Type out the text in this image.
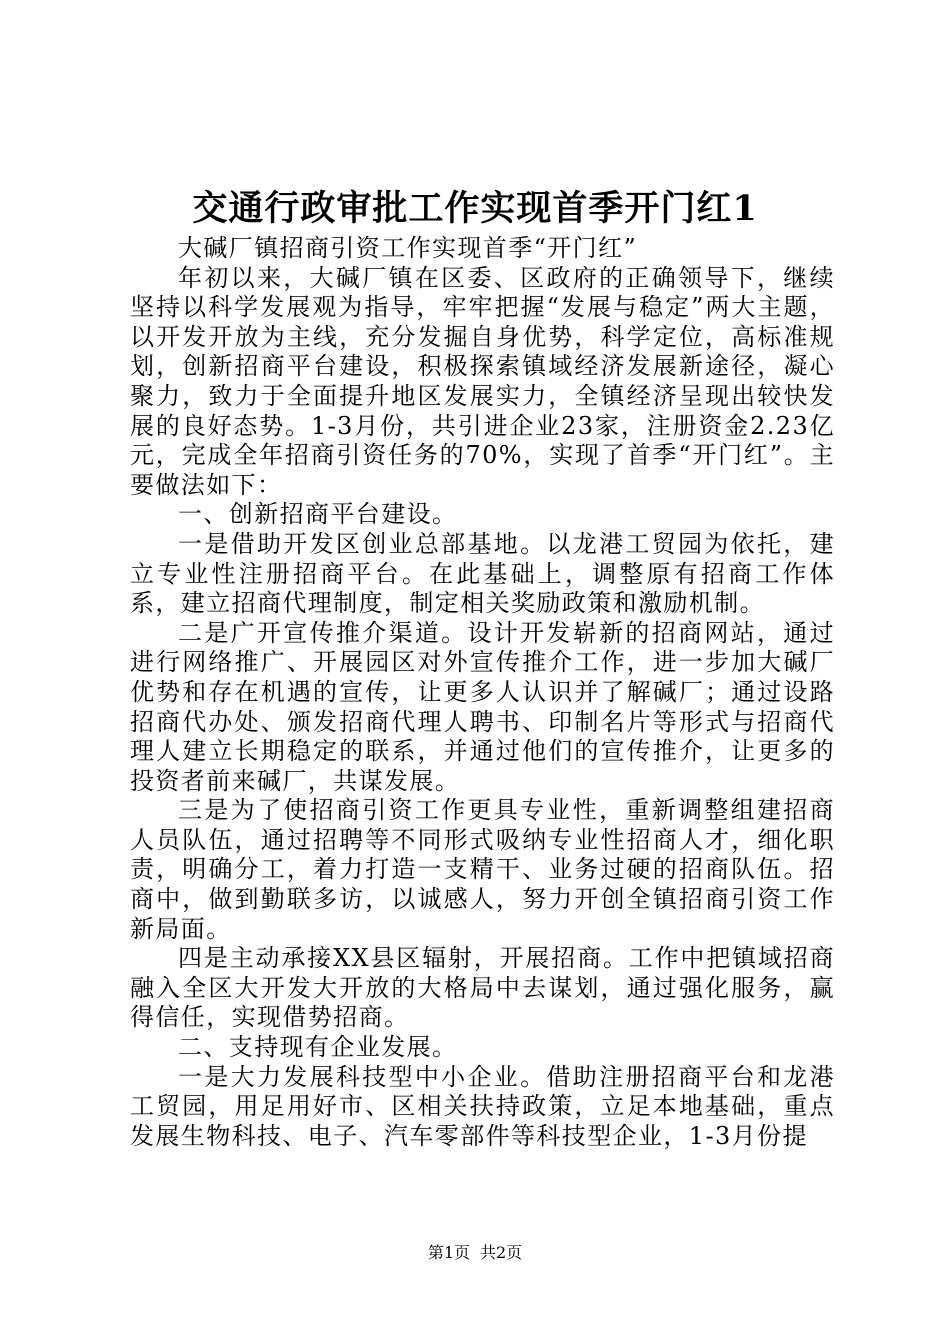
交通行政审批工作实现首季开门红1

大碱厂镇招商引资工作实现首季“开门红”

年初以来，大碱厂镇在区委、区政府的正确领导下，继续坚持以科学发展观为指导，牢牢把握“发展与稳定”两大主题，以开发开放为主线，充分发掘自身优势，科学定位，高标准规划，创新招商平台建设，积极探索镇域经济发展新途径，凝心聚力，致力于全面提升地区发展实力，全镇经济呈现出较快发展的良好态势。1-3月份，共引进企业23家，注册资金2.23亿元，完成全年招商引资任务的70%，实现了首季“开门红”。主要做法如下：

一、创新招商平台建设。

一是借助开发区创业总部基地。以龙港工贸园为依托，建立专业性注册招商平台。在此基础上，调整原有招商工作体系，建立招商代理制度，制定相关奖励政策和激励机制。

二是广开宣传推介渠道。设计开发崭新的招商网站，通过进行网络推广、开展园区对外宣传推介工作，进一步加大碱厂优势和存在机遇的宣传，让更多人认识并了解碱厂；通过设路招商代办处、颁发招商代理人聘书、印制名片等形式与招商代理人建立长期稳定的联系，并通过他们的宣传推介，让更多的投资者前来碱厂，共谋发展。

三是为了使招商引资工作更具专业性，重新调整组建招商人员队伍，通过招聘等不同形式吸纳专业性招商人才，细化职责，明确分工，着力打造一支精干、业务过硬的招商队伍。招商中，做到勤联多访，以诚感人，努力开创全镇招商引资工作新局面。

四是主动承接XX县区辐射，开展招商。工作中把镇域招商融入全区大开发大开放的大格局中去谋划，通过强化服务，赢得信任，实现借势招商。

二、支持现有企业发展。

一是大力发展科技型中小企业。借助注册招商平台和龙港工贸园，用足用好市、区相关扶持政策，立足本地基础，重点发展生物科技、电子、汽车零部件等科技型企业，1-3月份提

第1页 共2页
